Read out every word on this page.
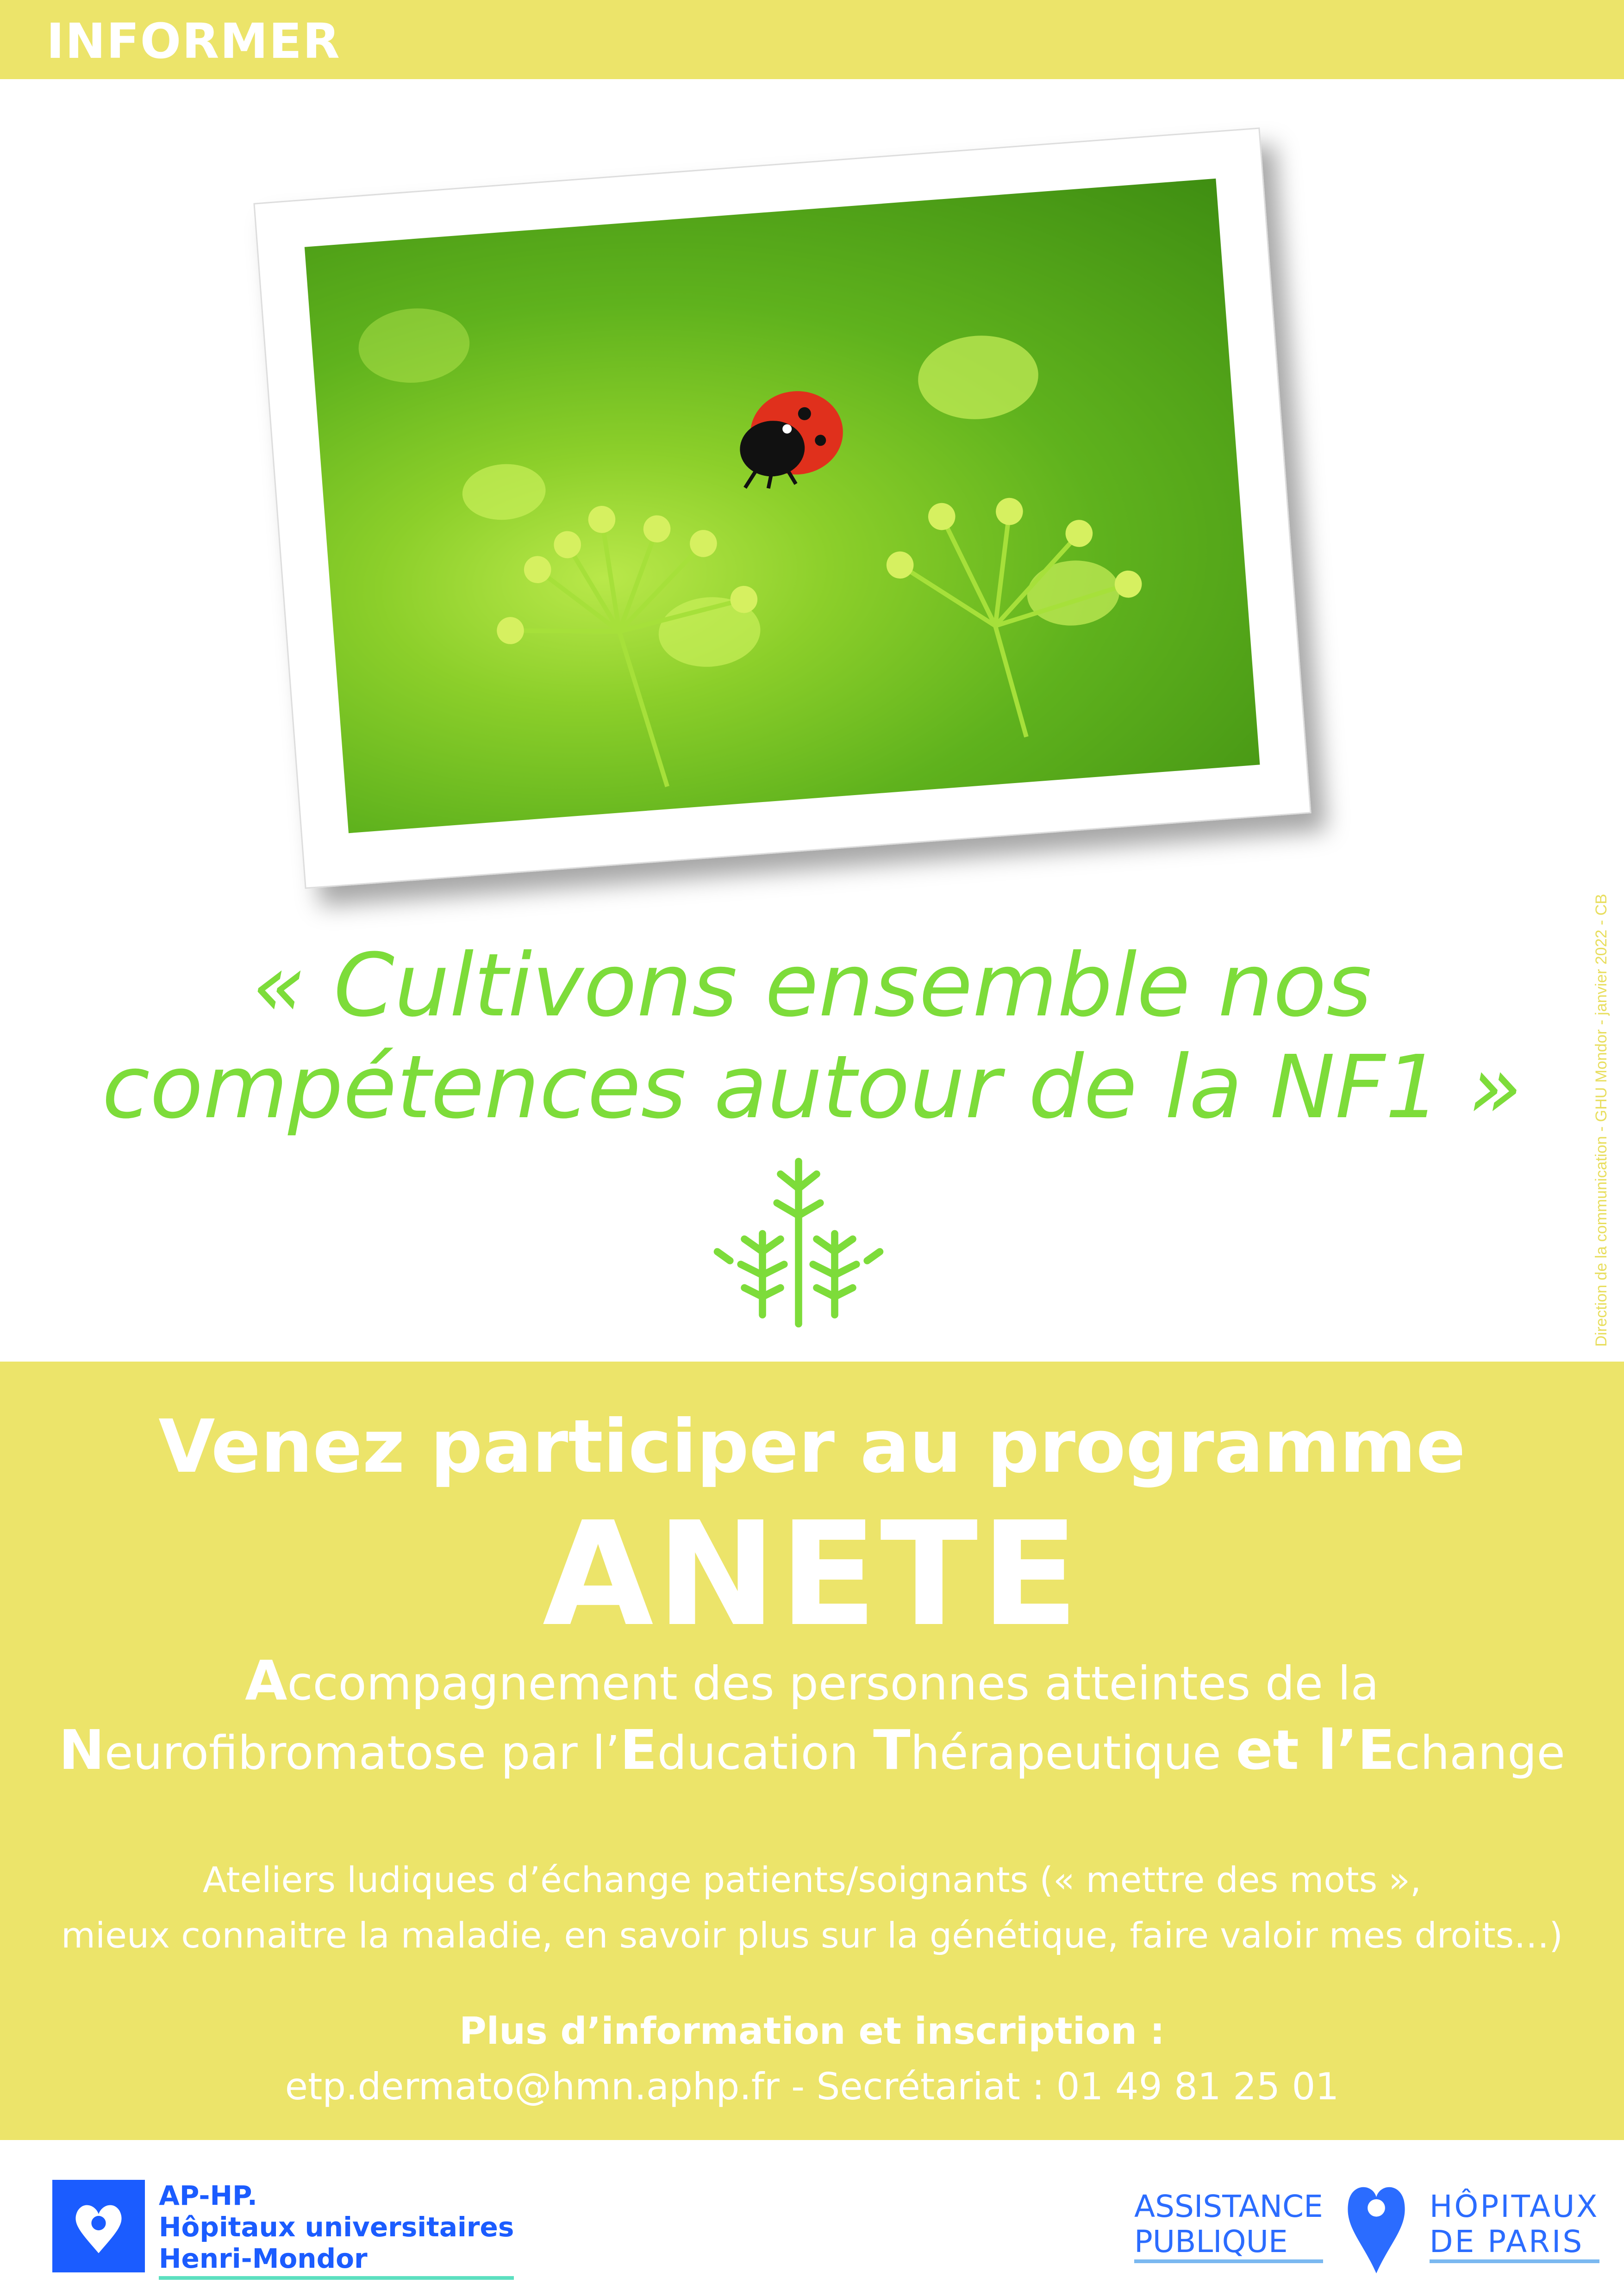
INFORMER
Direction de la communication - GHU Mondor - janvier 2022 - CB
« Cultivons ensemble nos
compétences autour de la NF1 »
Venez participer au programme
ANETE
Accompagnement des personnes atteintes de la
Neurofibromatose par l’Education Thérapeutique et l’Echange
Ateliers ludiques d’échange patients/soignants (« mettre des mots »,
mieux connaitre la maladie, en savoir plus sur la génétique, faire valoir mes droits…)
Plus d’information et inscription :
etp.dermato@hmn.aphp.fr - Secrétariat : 01 49 81 25 01
AP-HP.
Hôpitaux universitaires
Henri-Mondor
ASSISTANCE
PUBLIQUE
HÔPITAUX
DE PARIS
